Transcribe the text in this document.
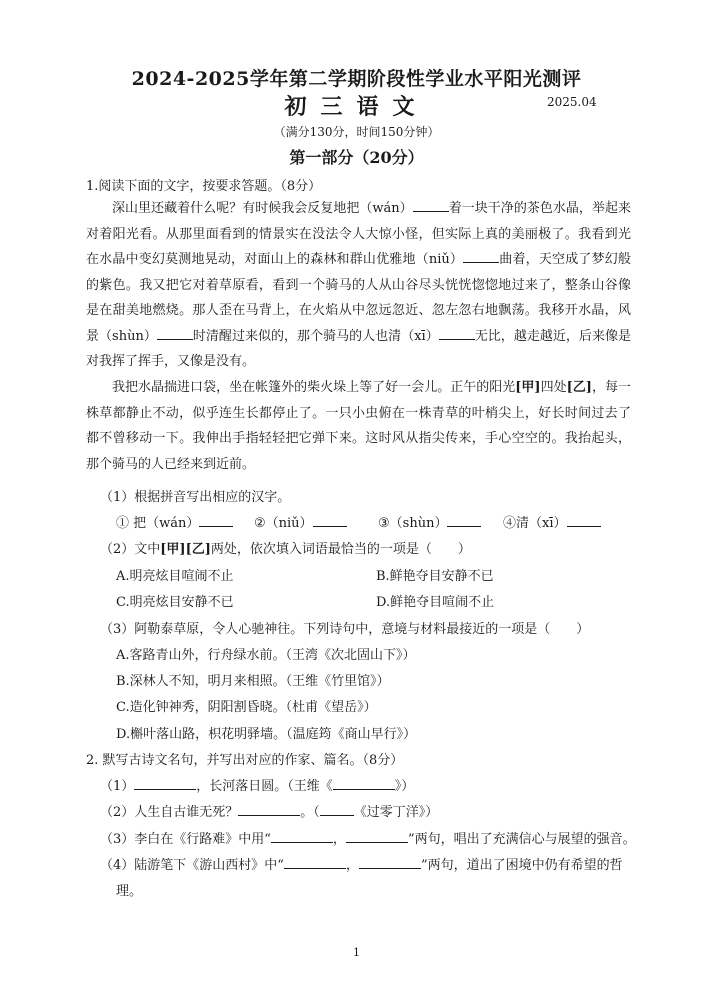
2024-2025学年第二学期阶段性学业水平阳光测评
初三语文	2025.04
（满分130分，时间150分钟）
第一部分（20分）
1.阅读下面的文字，按要求答题。（8分）
深山里还藏着什么呢？有时候我会反复地把（wán）	着一块干净的茶色水晶，举起来对着阳光看。从那里面看到的情景实在没法令人大惊小怪，但实际上真的美丽极了。我看到光在水晶中变幻莫测地晃动，对面山上的森林和群山优雅地（niǔ）	曲着，天空成了梦幻般的紫色。我又把它对着草原看，看到一个骑马的人从山谷尽头恍恍惚惚地过来了，整条山谷像是在甜美地燃烧。那人歪在马背上，在火焰从中忽远忽近、忽左忽右地飘荡。我移开水晶，风景（shùn）	时清醒过来似的，那个骑马的人也清（xī）	无比，越走越近，后来像是对我挥了挥手，又像是没有。
我把水晶揣进口袋，坐在帐篷外的柴火垛上等了好一会儿。正午的阳光[甲]四处[乙]，每一株草都静止不动，似乎连生长都停止了。一只小虫俯在一株青草的叶梢尖上，好长时间过去了都不曾移动一下。我伸出手指轻轻把它弹下来。这时风从指尖传来，手心空空的。我抬起头，那个骑马的人已经来到近前。
（1）根据拼音写出相应的汉字。
① 把（wán）	②（niǔ）	③（shùn）	④清（xī）
（2）文中[甲][乙]两处，依次填入词语最恰当的一项是（　　）
A.明亮炫目喧闹不止	B.鲜艳夺目安静不已
C.明亮炫目安静不已	D.鲜艳夺目喧闹不止
（3）阿勒泰草原，令人心驰神往。下列诗句中，意境与材料最接近的一项是（　　）
A.客路青山外，行舟绿水前。（王湾《次北固山下》）
B.深林人不知，明月来相照。（王维《竹里馆》）
C.造化钟神秀，阴阳割昏晓。（杜甫《望岳》）
D.槲叶落山路，枳花明驿墙。（温庭筠《商山早行》）
2. 默写古诗文名句，并写出对应的作家、篇名。（8分）
（1）	，长河落日圆。（王维《	》）
（2）人生自古谁无死？	。（	《过零丁洋》）
（3）李白在《行路难》中用“	，	”两句，唱出了充满信心与展望的强音。
（4）陆游笔下《游山西村》中“	，	”两句，道出了困境中仍有希望的哲
理。
1
